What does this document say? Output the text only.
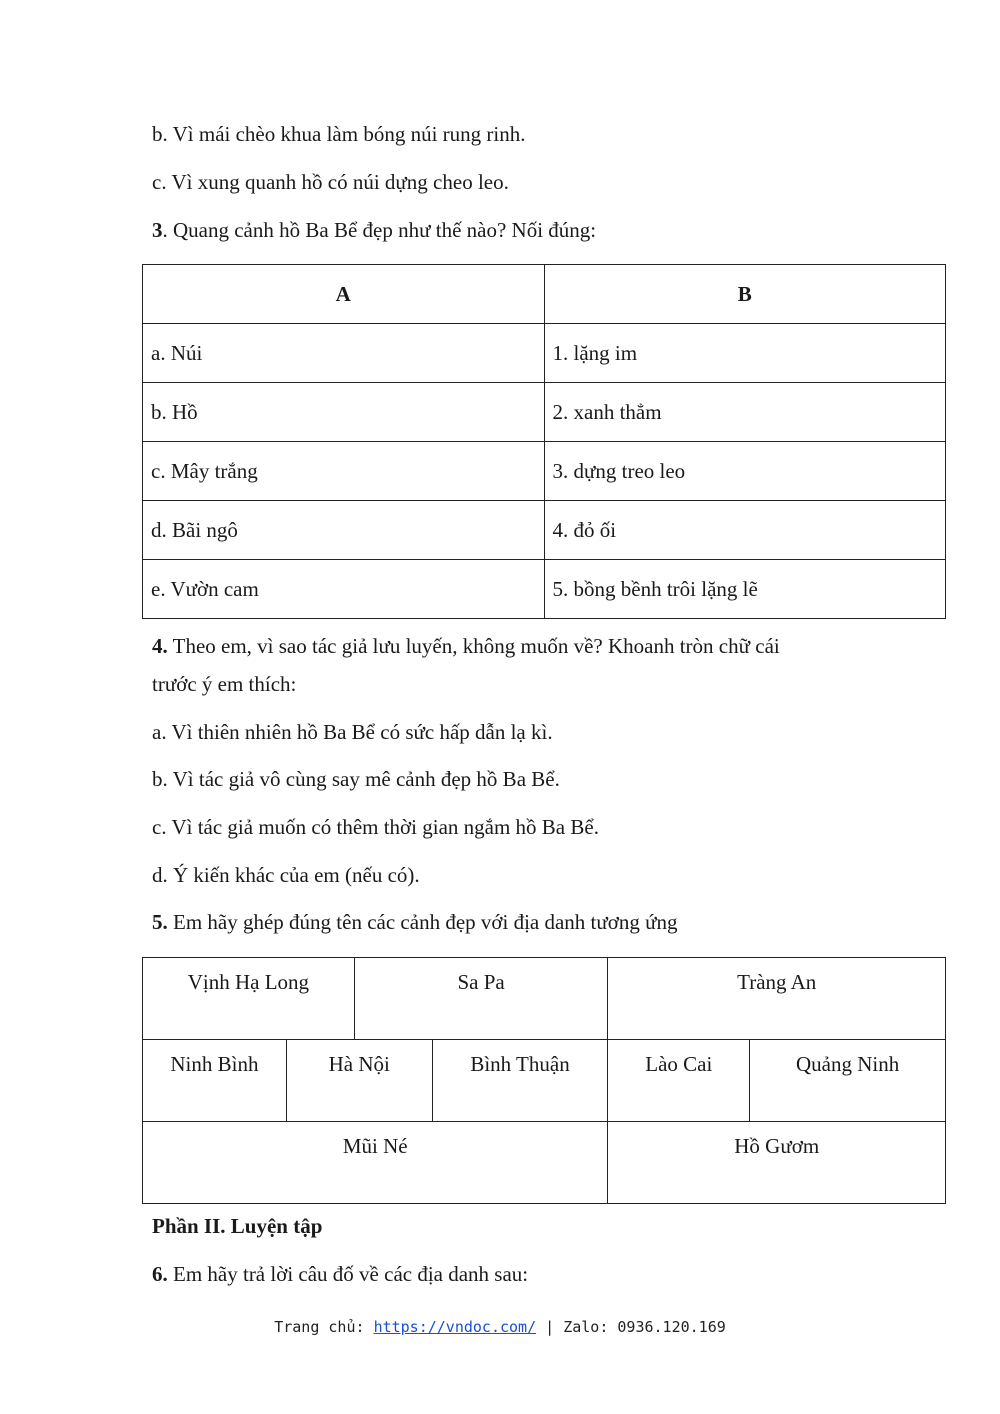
b. Vì mái chèo khua làm bóng núi rung rinh.
c. Vì xung quanh hồ có núi dựng cheo leo.
3. Quang cảnh hồ Ba Bể đẹp như thế nào? Nối đúng:
A	B
a. Núi	1. lặng im
b. Hồ	2. xanh thẳm
c. Mây trắng	3. dựng treo leo
d. Bãi ngô	4. đỏ ối
e. Vườn cam	5. bồng bềnh trôi lặng lẽ
4. Theo em, vì sao tác giả lưu luyến, không muốn về? Khoanh tròn chữ cái
trước ý em thích:
a. Vì thiên nhiên hồ Ba Bể có sức hấp dẫn lạ kì.
b. Vì tác giả vô cùng say mê cảnh đẹp hồ Ba Bể.
c. Vì tác giả muốn có thêm thời gian ngắm hồ Ba Bể.
d. Ý kiến khác của em (nếu có).
5. Em hãy ghép đúng tên các cảnh đẹp với địa danh tương ứng
Vịnh Hạ Long		Sa Pa		Tràng An	
Ninh Bình	Hà Nội		Bình Thuận	Lào Cai	Quảng Ninh
Mũi Né				Hồ Gươm	
Phần II. Luyện tập
6. Em hãy trả lời câu đố về các địa danh sau:
Trang chủ: https://vndoc.com/ | Zalo: 0936.120.169
